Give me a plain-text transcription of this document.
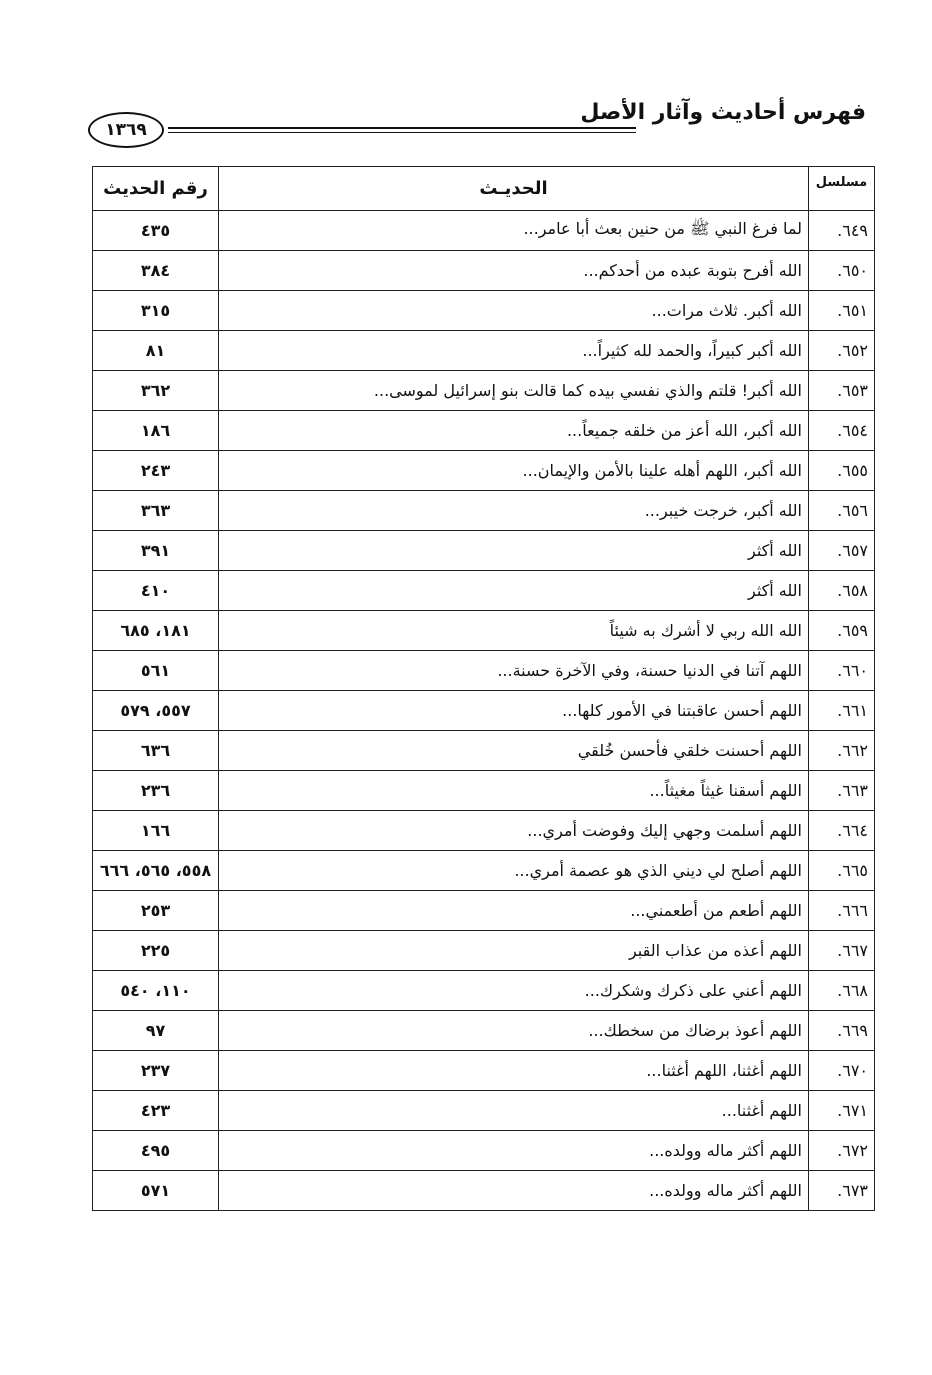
فهرس أحاديث وآثار الأصل
١٣٦٩
مسلسل	الحديـث	رقم الحديث
٦٤٩.	لما فرغ النبي ﷺ من حنين بعث أبا عامر...	٤٣٥
٦٥٠.	الله أفرح بتوبة عبده من أحدكم...	٣٨٤
٦٥١.	الله أكبر. ثلاث مرات...	٣١٥
٦٥٢.	الله أكبر كبيراً، والحمد لله كثيراً...	٨١
٦٥٣.	الله أكبر! قلتم والذي نفسي بيده كما قالت بنو إسرائيل لموسى...	٣٦٢
٦٥٤.	الله أكبر، الله أعز من خلقه جميعاً...	١٨٦
٦٥٥.	الله أكبر، اللهم أهله علينا بالأمن والإيمان...	٢٤٣
٦٥٦.	الله أكبر، خرجت خيبر...	٣٦٣
٦٥٧.	الله أكثر	٣٩١
٦٥٨.	الله أكثر	٤١٠
٦٥٩.	الله الله ربي لا أشرك به شيئاً	١٨١، ٦٨٥
٦٦٠.	اللهم آتنا في الدنيا حسنة، وفي الآخرة حسنة...	٥٦١
٦٦١.	اللهم أحسن عاقبتنا في الأمور كلها...	٥٥٧، ٥٧٩
٦٦٢.	اللهم أحسنت خلقي فأحسن خُلقي	٦٣٦
٦٦٣.	اللهم أسقنا غيثاً مغيثاً...	٢٣٦
٦٦٤.	اللهم أسلمت وجهي إليك وفوضت أمري...	١٦٦
٦٦٥.	اللهم أصلح لي ديني الذي هو عصمة أمري...	٥٥٨، ٥٦٥، ٦٦٦
٦٦٦.	اللهم أطعم من أطعمني...	٢٥٣
٦٦٧.	اللهم أعذه من عذاب القبر	٢٢٥
٦٦٨.	اللهم أعني على ذكرك وشكرك...	١١٠، ٥٤٠
٦٦٩.	اللهم أعوذ برضاك من سخطك...	٩٧
٦٧٠.	اللهم أغثنا، اللهم أغثنا...	٢٣٧
٦٧١.	اللهم أغثنا...	٤٢٣
٦٧٢.	اللهم أكثر ماله وولده...	٤٩٥
٦٧٣.	اللهم أكثر ماله وولده...	٥٧١
